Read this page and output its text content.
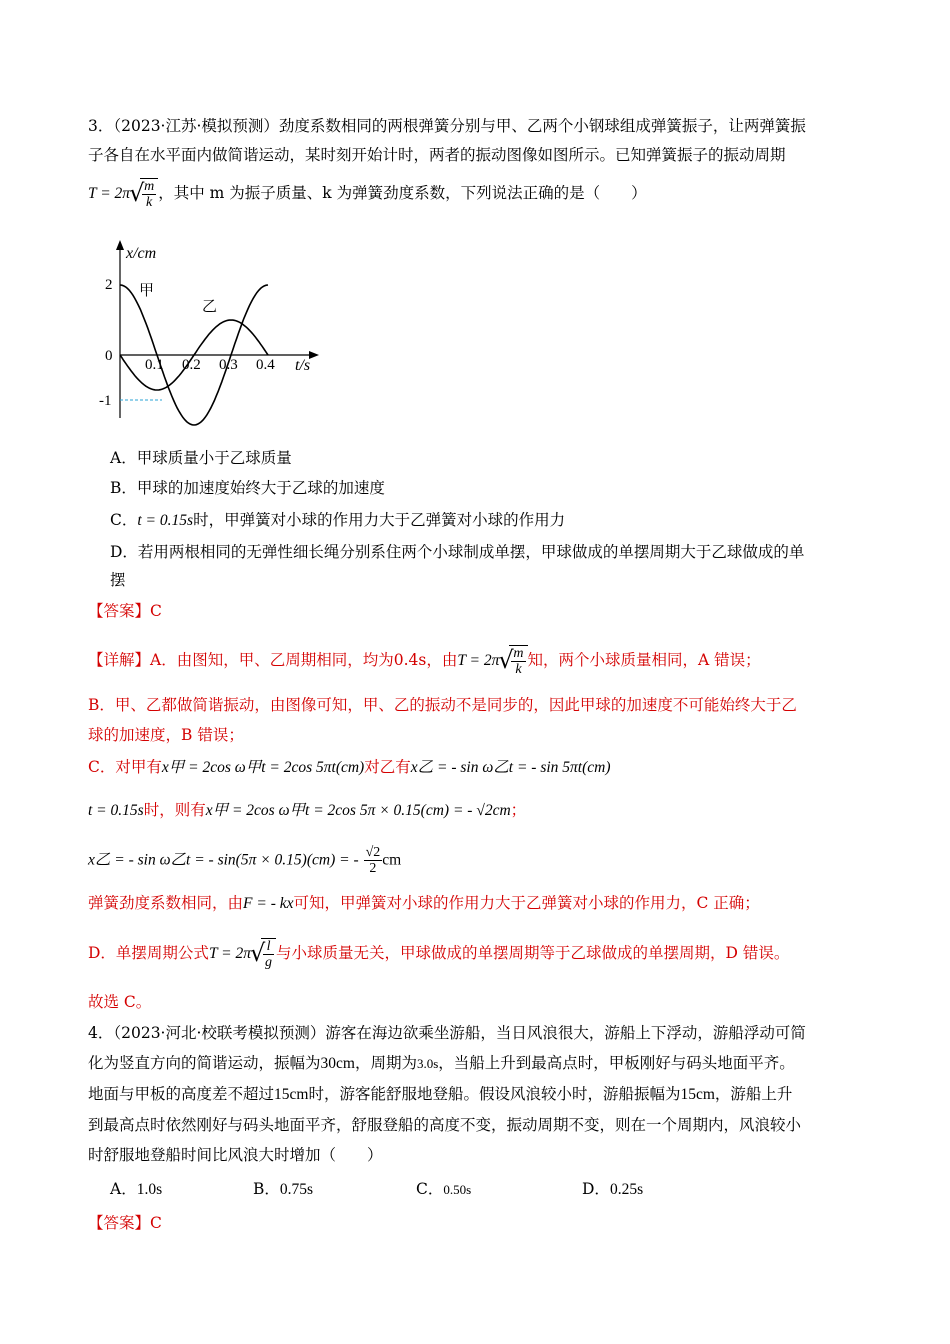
3．（2023·江苏·模拟预测）劲度系数相同的两根弹簧分别与甲、乙两个小钢球组成弹簧振子，让两弹簧振
子各自在水平面内做简谐运动，某时刻开始计时，两者的振动图像如图所示。已知弹簧振子的振动周期
T = 2π √ $\frac{m}{k}$ ，其中 m 为振子质量、k 为弹簧劲度系数，下列说法正确的是（　　）
x/cm
t/s
2
0
-1
0.1 0.2 0.3 0.4
甲
乙
A．甲球质量小于乙球质量
B．甲球的加速度始终大于乙球的加速度
C．t = 0.15s时，甲弹簧对小球的作用力大于乙弹簧对小球的作用力
D．若用两根相同的无弹性细长绳分别系住两个小球制成单摆，甲球做成的单摆周期大于乙球做成的单
摆
【答案】C
【详解】A．由图知，甲、乙周期相同，均为0.4s，由T = 2π √ $\frac{m}{k}$ 知，两个小球质量相同，A 错误；
B．甲、乙都做简谐振动，由图像可知，甲、乙的振动不是同步的，因此甲球的加速度不可能始终大于乙
球的加速度，B 错误；
C．对甲有x甲 = 2cos ω甲t = 2cos 5πt(cm)对乙有x乙 = - sin ω乙t = - sin 5πt(cm)
t = 0.15s时，则有x甲 = 2cos ω甲t = 2cos 5π × 0.15(cm) = - √2cm；
x乙 = - sin ω乙t = - sin(5π × 0.15)(cm) = - $\frac{√2}{2}$ cm
弹簧劲度系数相同，由F = - kx可知，甲弹簧对小球的作用力大于乙弹簧对小球的作用力，C 正确；
D．单摆周期公式T = 2π √ $\frac{l}{g}$ 与小球质量无关，甲球做成的单摆周期等于乙球做成的单摆周期，D 错误。
故选 C。
4．（2023·河北·校联考模拟预测）游客在海边欲乘坐游船，当日风浪很大，游船上下浮动，游船浮动可简
化为竖直方向的简谐运动，振幅为30cm，周期为3.0s，当船上升到最高点时，甲板刚好与码头地面平齐。
地面与甲板的高度差不超过15cm时，游客能舒服地登船。假设风浪较小时，游船振幅为15cm，游船上升
到最高点时依然刚好与码头地面平齐，舒服登船的高度不变，振动周期不变，则在一个周期内，风浪较小
时舒服地登船时间比风浪大时增加（　　）
A．1.0s	B．0.75s	C．0.50s	D．0.25s
【答案】C
